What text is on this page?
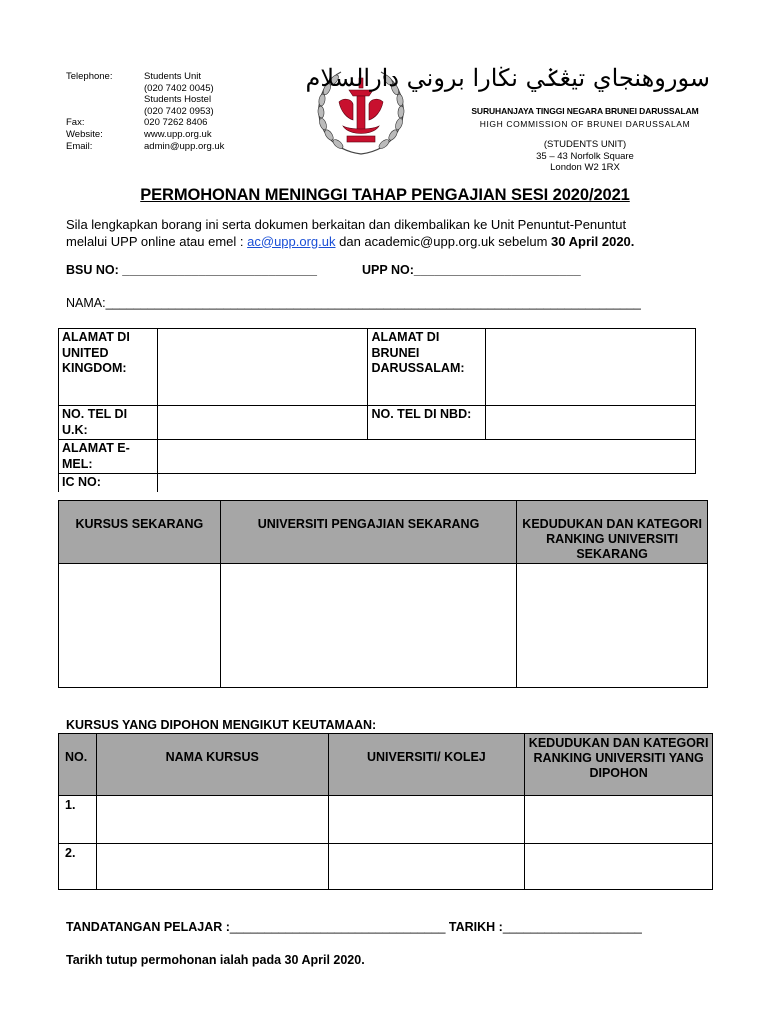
Telephone:	Students Unit
(020 7402 0045)
Students Hostel
(020 7402 0953)
Fax:	020 7262 8406
Website:	www.upp.org.uk
Email:	admin@upp.org.uk
سوروهنجاي تيڠݢي نڬارا بروني دارالسلام
SURUHANJAYA TINGGI NEGARA BRUNEI DARUSSALAM
HIGH COMMISSION OF BRUNEI DARUSSALAM
(STUDENTS UNIT)
35 – 43 Norfolk Square
London W2 1RX
PERMOHONAN MENINGGI TAHAP PENGAJIAN SESI 2020/2021
Sila lengkapkan borang ini serta dokumen berkaitan dan dikembalikan ke Unit Penuntut-Penuntut
melalui UPP online atau emel : ac@upp.org.uk dan academic@upp.org.uk sebelum 30 April 2020.
BSU NO: ____________________________	UPP NO:________________________
NAMA:_____________________________________________________________________________
ALAMAT DI UNITED KINGDOM:		ALAMAT DI BRUNEI DARUSSALAM:	
NO. TEL DI U.K:		NO. TEL DI NBD:	
ALAMAT E-MEL:			
IC NO:			
KURSUS SEKARANG	UNIVERSITI PENGAJIAN SEKARANG	KEDUDUKAN DAN KATEGORI RANKING UNIVERSITI SEKARANG

KURSUS YANG DIPOHON MENGIKUT KEUTAMAAN:
NO.	NAMA KURSUS	UNIVERSITI/ KOLEJ	KEDUDUKAN DAN KATEGORI RANKING UNIVERSITI YANG DIPOHON
1.			
2.			
TANDATANGAN PELAJAR :_______________________________ TARIKH :____________________
Tarikh tutup permohonan ialah pada 30 April 2020.
